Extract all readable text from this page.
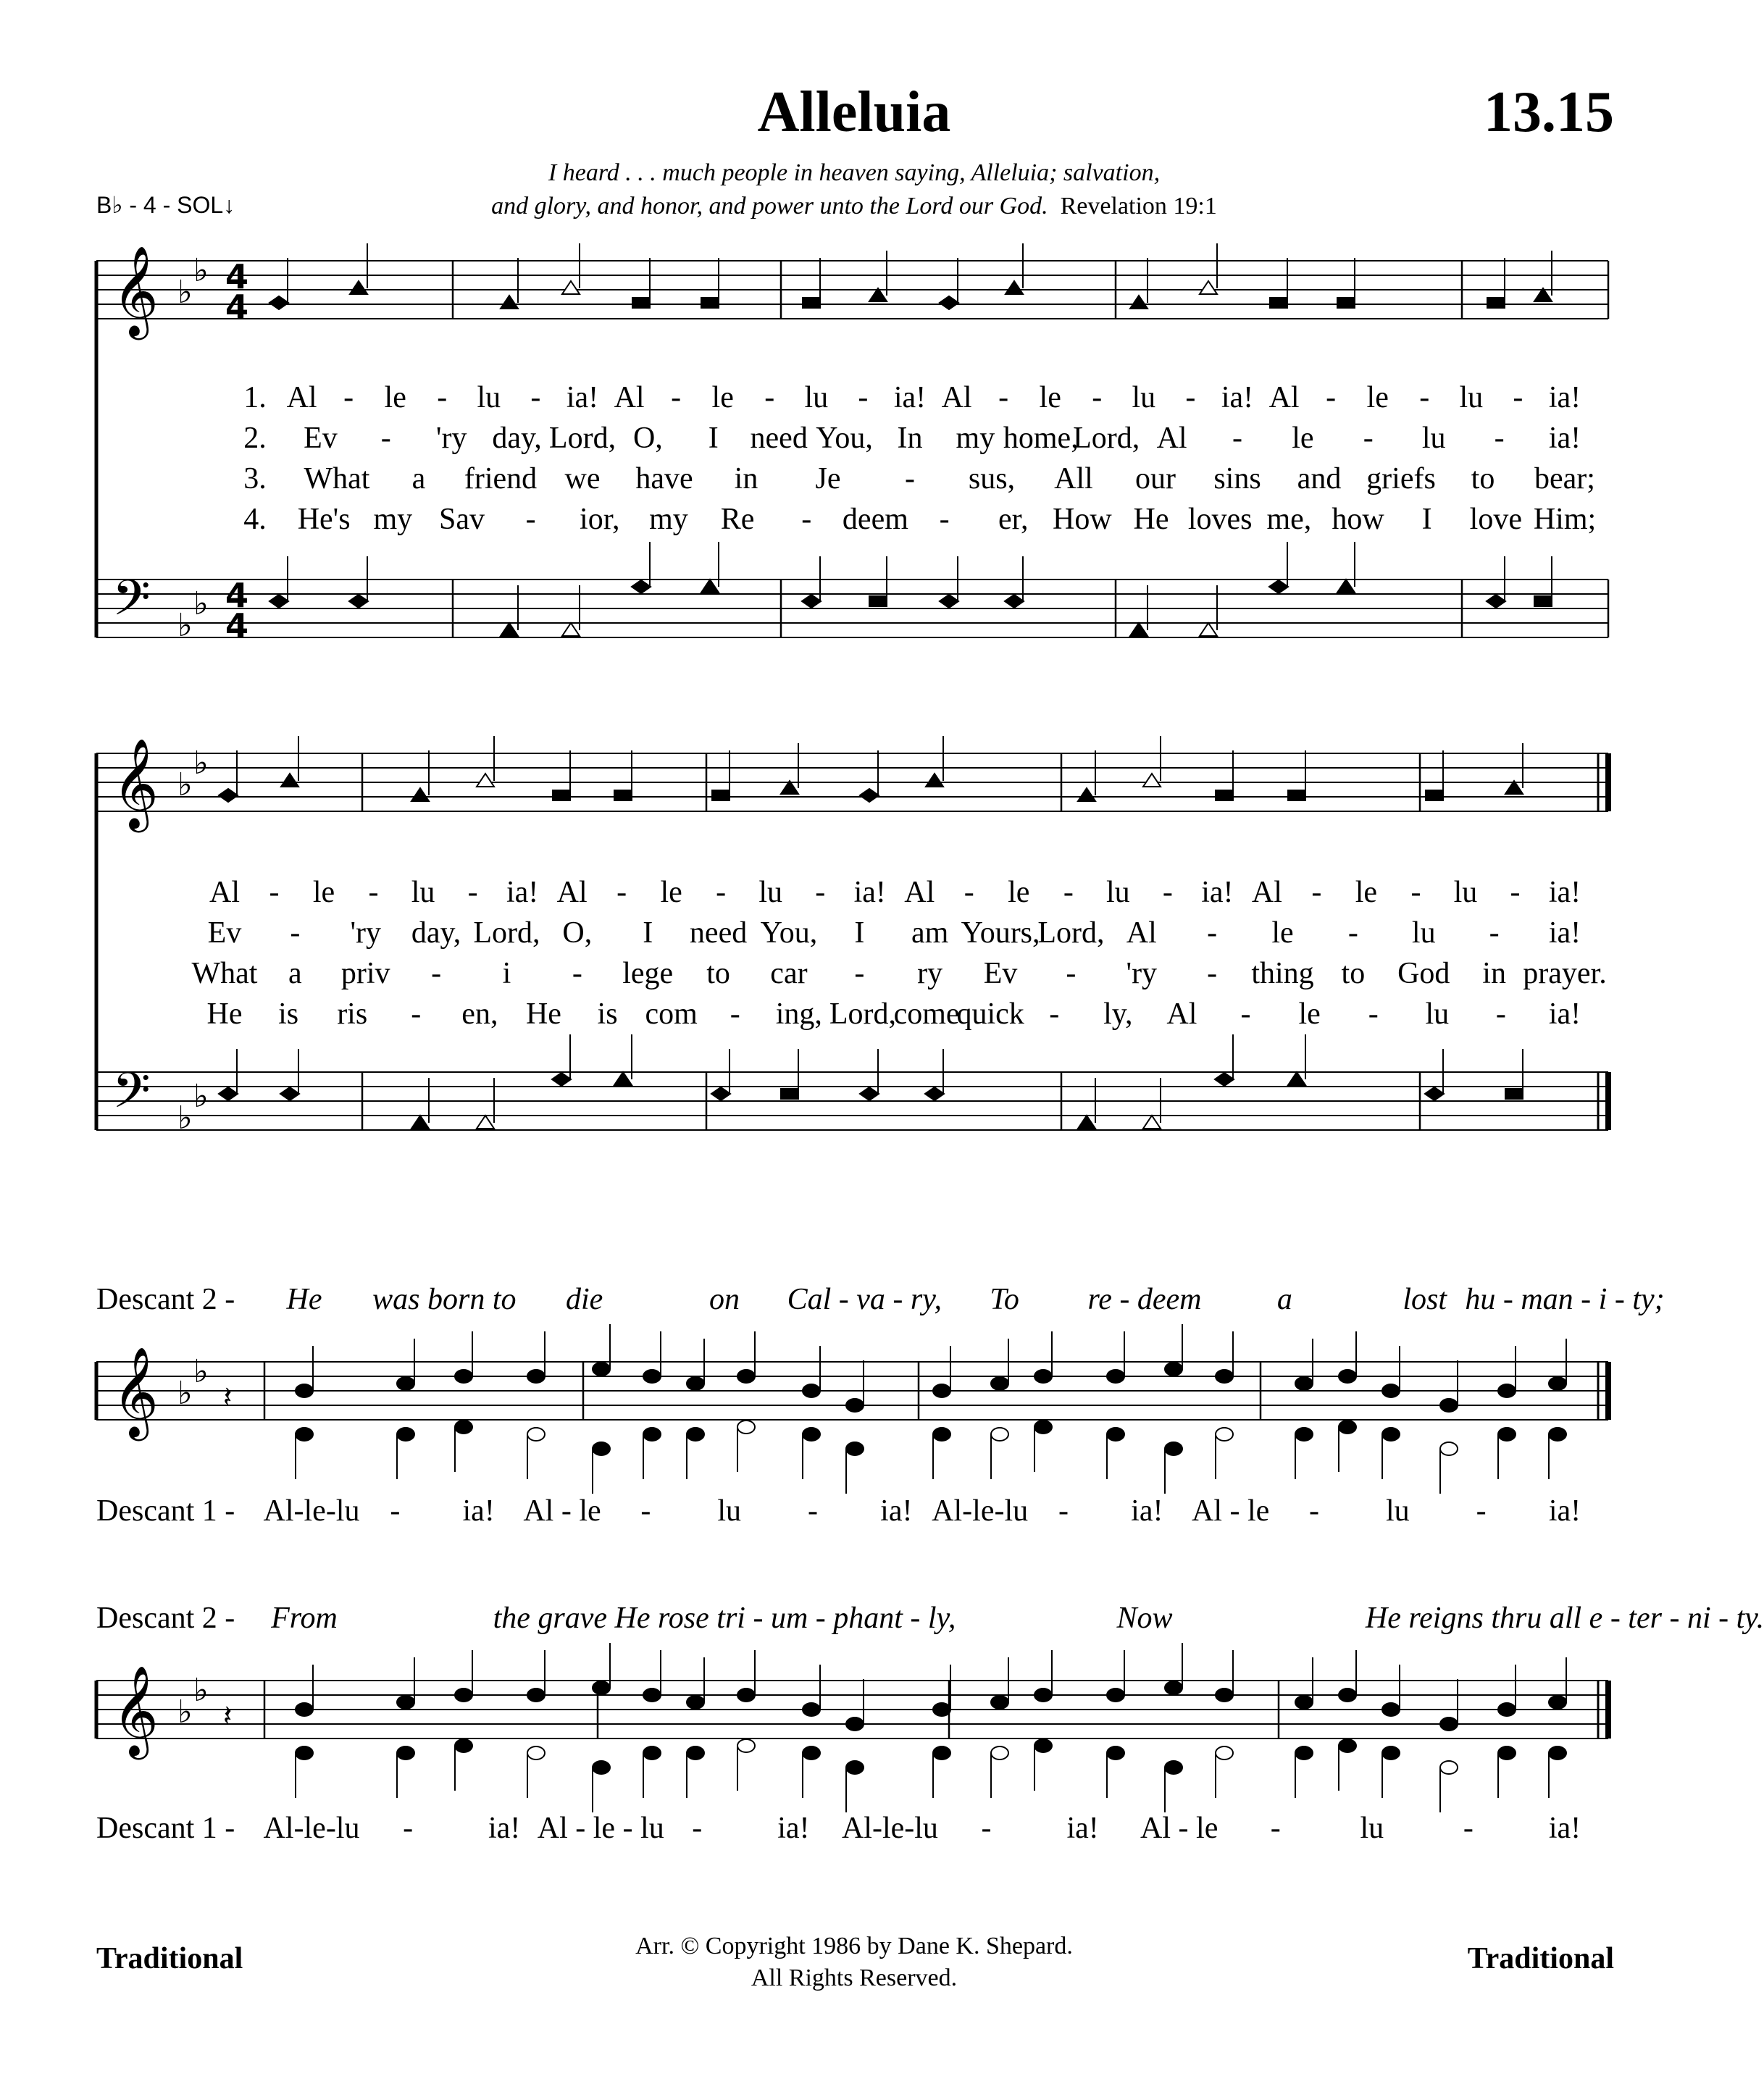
Alleluia	13.15
I heard . . . much people in heaven saying, Alleluia; salvation,
and glory, and honor, and power unto the Lord our God. Revelation 19:1
B♭ - 4 - SOL↓
𝄞
𝄢
♭
♭
♭
♭
4
4
4
4
𝄞
𝄢
♭
♭
♭
♭
𝄞 ♭
♭
𝄽
𝄞 ♭
♭
𝄽
1. Al - le - lu - ia! Al - le - lu - ia! Al - le - lu - ia! Al - le - lu - ia!
2. Ev - 'ry day, Lord, O, I need You, In my home,
Lord, Al - le - lu - ia!
3. What a friend we have in Je - sus, All our sins and griefs to bear;
4. He's my Sav - ior, my Re - deem - er, How He loves me, how I love Him;
Al - le - lu - ia! Al - le - lu - ia! Al - le - lu - ia! Al - le - lu - ia!
Ev - 'ry day, Lord, O, I need You, I am Yours,
Lord, Al - le - lu - ia!
What a priv - i - lege to car - ry Ev - 'ry - thing to God in prayer.
He is ris - en, He is com - ing, Lord,
come
quick - ly, Al - le - lu - ia!
Descant 2 -
Descant 1 -
He was born to die	on Cal - va - ry, To re - deem a	lost hu - man - i - ty;
Al-le-lu - ia! Al - le - lu - ia! Al-le-lu - ia! Al - le - lu - ia!
Descant 2 -
Descant 1 -
From	the grave He rose tri - um - phant - ly,	Now	He reigns thru all e - ter - ni - ty.
Al-le-lu - ia! Al - le - lu - ia! Al-le-lu - ia! Al - le -	lu	- ia!
Traditional	Traditional
Arr. © Copyright 1986 by Dane K. Shepard.
All Rights Reserved.
